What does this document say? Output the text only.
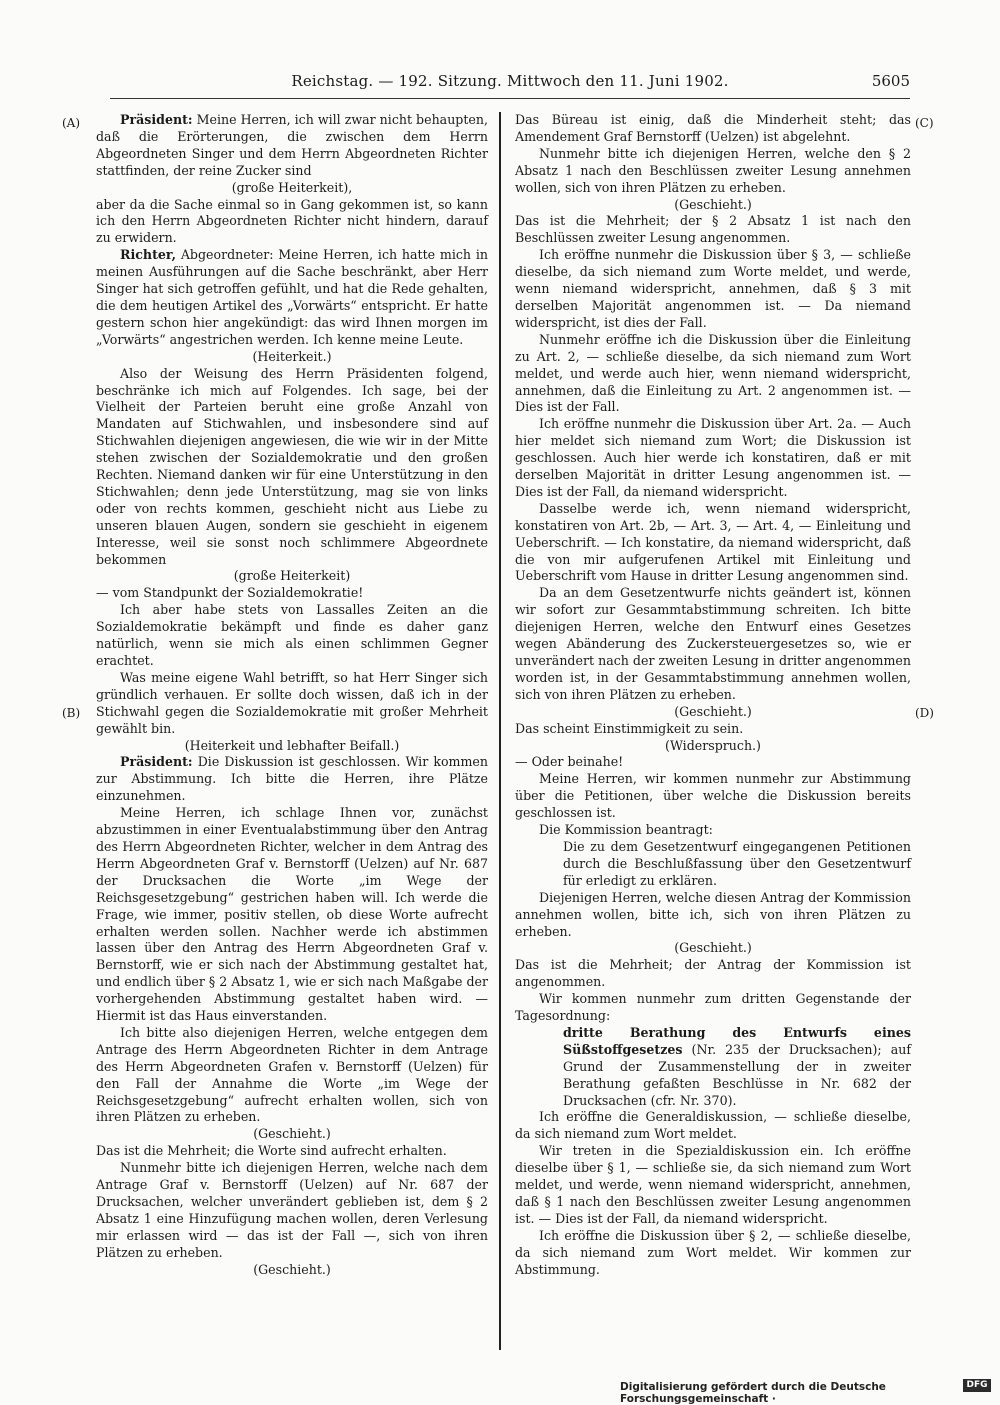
Reichstag. — 192. Sitzung. Mittwoch den 11. Juni 1902.	5605
(A)
(B)
(C)
(D)

Präsident: Meine Herren, ich will zwar nicht behaupten, daß die Erörterungen, die zwischen dem Herrn Abgeordneten Singer und dem Herrn Abgeordneten Richter stattfinden, der reine Zucker sind

(große Heiterkeit),

aber da die Sache einmal so in Gang gekommen ist, so kann ich den Herrn Abgeordneten Richter nicht hindern, darauf zu erwidern.

Richter, Abgeordneter: Meine Herren, ich hatte mich in meinen Ausführungen auf die Sache beschränkt, aber Herr Singer hat sich getroffen gefühlt, und hat die Rede gehalten, die dem heutigen Artikel des „Vorwärts“ entspricht. Er hatte gestern schon hier angekündigt: das wird Ihnen morgen im „Vorwärts“ angestrichen werden. Ich kenne meine Leute.

(Heiterkeit.)

Also der Weisung des Herrn Präsidenten folgend, beschränke ich mich auf Folgendes. Ich sage, bei der Vielheit der Parteien beruht eine große Anzahl von Mandaten auf Stichwahlen, und insbesondere sind auf Stichwahlen diejenigen angewiesen, die wie wir in der Mitte stehen zwischen der Sozialdemokratie und den großen Rechten. Niemand danken wir für eine Unterstützung in den Stichwahlen; denn jede Unterstützung, mag sie von links oder von rechts kommen, geschieht nicht aus Liebe zu unseren blauen Augen, sondern sie geschieht in eigenem Interesse, weil sie sonst noch schlimmere Abgeordnete bekommen

(große Heiterkeit)

— vom Standpunkt der Sozialdemokratie!

Ich aber habe stets von Lassalles Zeiten an die Sozialdemokratie bekämpft und finde es daher ganz natürlich, wenn sie mich als einen schlimmen Gegner erachtet.

Was meine eigene Wahl betrifft, so hat Herr Singer sich gründlich verhauen. Er sollte doch wissen, daß ich in der Stichwahl gegen die Sozialdemokratie mit großer Mehrheit gewählt bin.

(Heiterkeit und lebhafter Beifall.)

Präsident: Die Diskussion ist geschlossen. Wir kommen zur Abstimmung. Ich bitte die Herren, ihre Plätze einzunehmen.

Meine Herren, ich schlage Ihnen vor, zunächst abzustimmen in einer Eventualabstimmung über den Antrag des Herrn Abgeordneten Richter, welcher in dem Antrag des Herrn Abgeordneten Graf v. Bernstorff (Uelzen) auf Nr. 687 der Drucksachen die Worte „im Wege der Reichsgesetzgebung“ gestrichen haben will. Ich werde die Frage, wie immer, positiv stellen, ob diese Worte aufrecht erhalten werden sollen. Nachher werde ich abstimmen lassen über den Antrag des Herrn Abgeordneten Graf v. Bernstorff, wie er sich nach der Abstimmung gestaltet hat, und endlich über § 2 Absatz 1, wie er sich nach Maßgabe der vorhergehenden Abstimmung gestaltet haben wird. — Hiermit ist das Haus einverstanden.

Ich bitte also diejenigen Herren, welche entgegen dem Antrage des Herrn Abgeordneten Richter in dem Antrage des Herrn Abgeordneten Grafen v. Bernstorff (Uelzen) für den Fall der Annahme die Worte „im Wege der Reichsgesetzgebung“ aufrecht erhalten wollen, sich von ihren Plätzen zu erheben.

(Geschieht.)

Das ist die Mehrheit; die Worte sind aufrecht erhalten.

Nunmehr bitte ich diejenigen Herren, welche nach dem Antrage Graf v. Bernstorff (Uelzen) auf Nr. 687 der Drucksachen, welcher unverändert geblieben ist, dem § 2 Absatz 1 eine Hinzufügung machen wollen, deren Verlesung mir erlassen wird — das ist der Fall —, sich von ihren Plätzen zu erheben.

(Geschieht.)

Das Büreau ist einig, daß die Minderheit steht; das Amendement Graf Bernstorff (Uelzen) ist abgelehnt.

Nunmehr bitte ich diejenigen Herren, welche den § 2 Absatz 1 nach den Beschlüssen zweiter Lesung annehmen wollen, sich von ihren Plätzen zu erheben.

(Geschieht.)

Das ist die Mehrheit; der § 2 Absatz 1 ist nach den Beschlüssen zweiter Lesung angenommen.

Ich eröffne nunmehr die Diskussion über § 3, — schließe dieselbe, da sich niemand zum Worte meldet, und werde, wenn niemand widerspricht, annehmen, daß § 3 mit derselben Majorität angenommen ist. — Da niemand widerspricht, ist dies der Fall.

Nunmehr eröffne ich die Diskussion über die Einleitung zu Art. 2, — schließe dieselbe, da sich niemand zum Wort meldet, und werde auch hier, wenn niemand widerspricht, annehmen, daß die Einleitung zu Art. 2 angenommen ist. — Dies ist der Fall.

Ich eröffne nunmehr die Diskussion über Art. 2a. — Auch hier meldet sich niemand zum Wort; die Diskussion ist geschlossen. Auch hier werde ich konstatiren, daß er mit derselben Majorität in dritter Lesung angenommen ist. — Dies ist der Fall, da niemand widerspricht.

Dasselbe werde ich, wenn niemand widerspricht, konstatiren von Art. 2b, — Art. 3, — Art. 4, — Einleitung und Ueberschrift. — Ich konstatire, da niemand widerspricht, daß die von mir aufgerufenen Artikel mit Einleitung und Ueberschrift vom Hause in dritter Lesung angenommen sind.

Da an dem Gesetzentwurfe nichts geändert ist, können wir sofort zur Gesammtabstimmung schreiten. Ich bitte diejenigen Herren, welche den Entwurf eines Gesetzes wegen Abänderung des Zuckersteuergesetzes so, wie er unverändert nach der zweiten Lesung in dritter angenommen worden ist, in der Gesammtabstimmung annehmen wollen, sich von ihren Plätzen zu erheben.

(Geschieht.)

Das scheint Einstimmigkeit zu sein.

(Widerspruch.)

— Oder beinahe!

Meine Herren, wir kommen nunmehr zur Abstimmung über die Petitionen, über welche die Diskussion bereits geschlossen ist.

Die Kommission beantragt:

Die zu dem Gesetzentwurf eingegangenen Petitionen durch die Beschlußfassung über den Gesetzentwurf für erledigt zu erklären.

Diejenigen Herren, welche diesen Antrag der Kommission annehmen wollen, bitte ich, sich von ihren Plätzen zu erheben.

(Geschieht.)

Das ist die Mehrheit; der Antrag der Kommission ist angenommen.

Wir kommen nunmehr zum dritten Gegenstande der Tagesordnung:

dritte Berathung des Entwurfs eines Süßstoffgesetzes (Nr. 235 der Drucksachen); auf Grund der Zusammenstellung der in zweiter Berathung gefaßten Beschlüsse in Nr. 682 der Drucksachen (cfr. Nr. 370).

Ich eröffne die Generaldiskussion, — schließe dieselbe, da sich niemand zum Wort meldet.

Wir treten in die Spezialdiskussion ein. Ich eröffne dieselbe über § 1, — schließe sie, da sich niemand zum Wort meldet, und werde, wenn niemand widerspricht, annehmen, daß § 1 nach den Beschlüssen zweiter Lesung angenommen ist. — Dies ist der Fall, da niemand widerspricht.

Ich eröffne die Diskussion über § 2, — schließe dieselbe, da sich niemand zum Wort meldet. Wir kommen zur Abstimmung.

Digitalisierung gefördert durch die Deutsche Forschungsgemeinschaft ·
DFG
